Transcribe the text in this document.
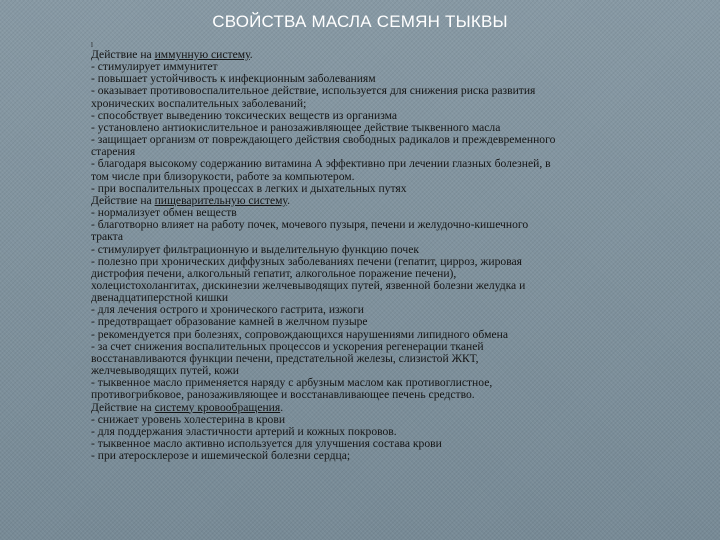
СВОЙСТВА МАСЛА СЕМЯН ТЫКВЫ
l
Действие на иммунную систему.
- стимулирует иммунитет
- повышает устойчивость к инфекционным заболеваниям
- оказывает противовоспалительное действие, используется для снижения риска развития
хронических воспалительных заболеваний;
- способствует выведению токсических веществ из организма
- установлено антиокислительное и ранозаживляющее действие тыквенного масла
- защищает организм от повреждающего действия свободных радикалов и преждевременного
старения
- благодаря высокому содержанию витамина А эффективно при лечении глазных болезней, в
том числе при близорукости, работе за компьютером.
- при воспалительных процессах в легких и дыхательных путях
Действие на пищеварительную систему.
- нормализует обмен веществ
- благотворно влияет на работу почек, мочевого пузыря, печени и желудочно-кишечного
тракта
- стимулирует фильтрационную и выделительную функцию почек
- полезно при хронических диффузных заболеваниях печени (гепатит, цирроз, жировая
дистрофия печени, алкогольный гепатит, алкогольное поражение печени),
холецистохолангитах, дискинезии желчевыводящих путей, язвенной болезни желудка и
двенадцатиперстной кишки
- для лечения острого и хронического гастрита, изжоги
- предотвращает образование камней в желчном пузыре
- рекомендуется при болезнях, сопровождающихся нарушениями липидного обмена
- за счет снижения воспалительных процессов и ускорения регенерации тканей
восстанавливаются функции печени, предстательной железы, слизистой ЖКТ,
желчевыводящих путей, кожи
- тыквенное масло применяется наряду с арбузным маслом как противоглистное,
противогрибковое, ранозаживляющее и восстанавливающее печень средство.
Действие на систему кровообращения.
- снижает уровень холестерина в крови
- для поддержания эластичности артерий и кожных покровов.
- тыквенное масло активно используется для улучшения состава крови
- при атеросклерозе и ишемической болезни сердца;
